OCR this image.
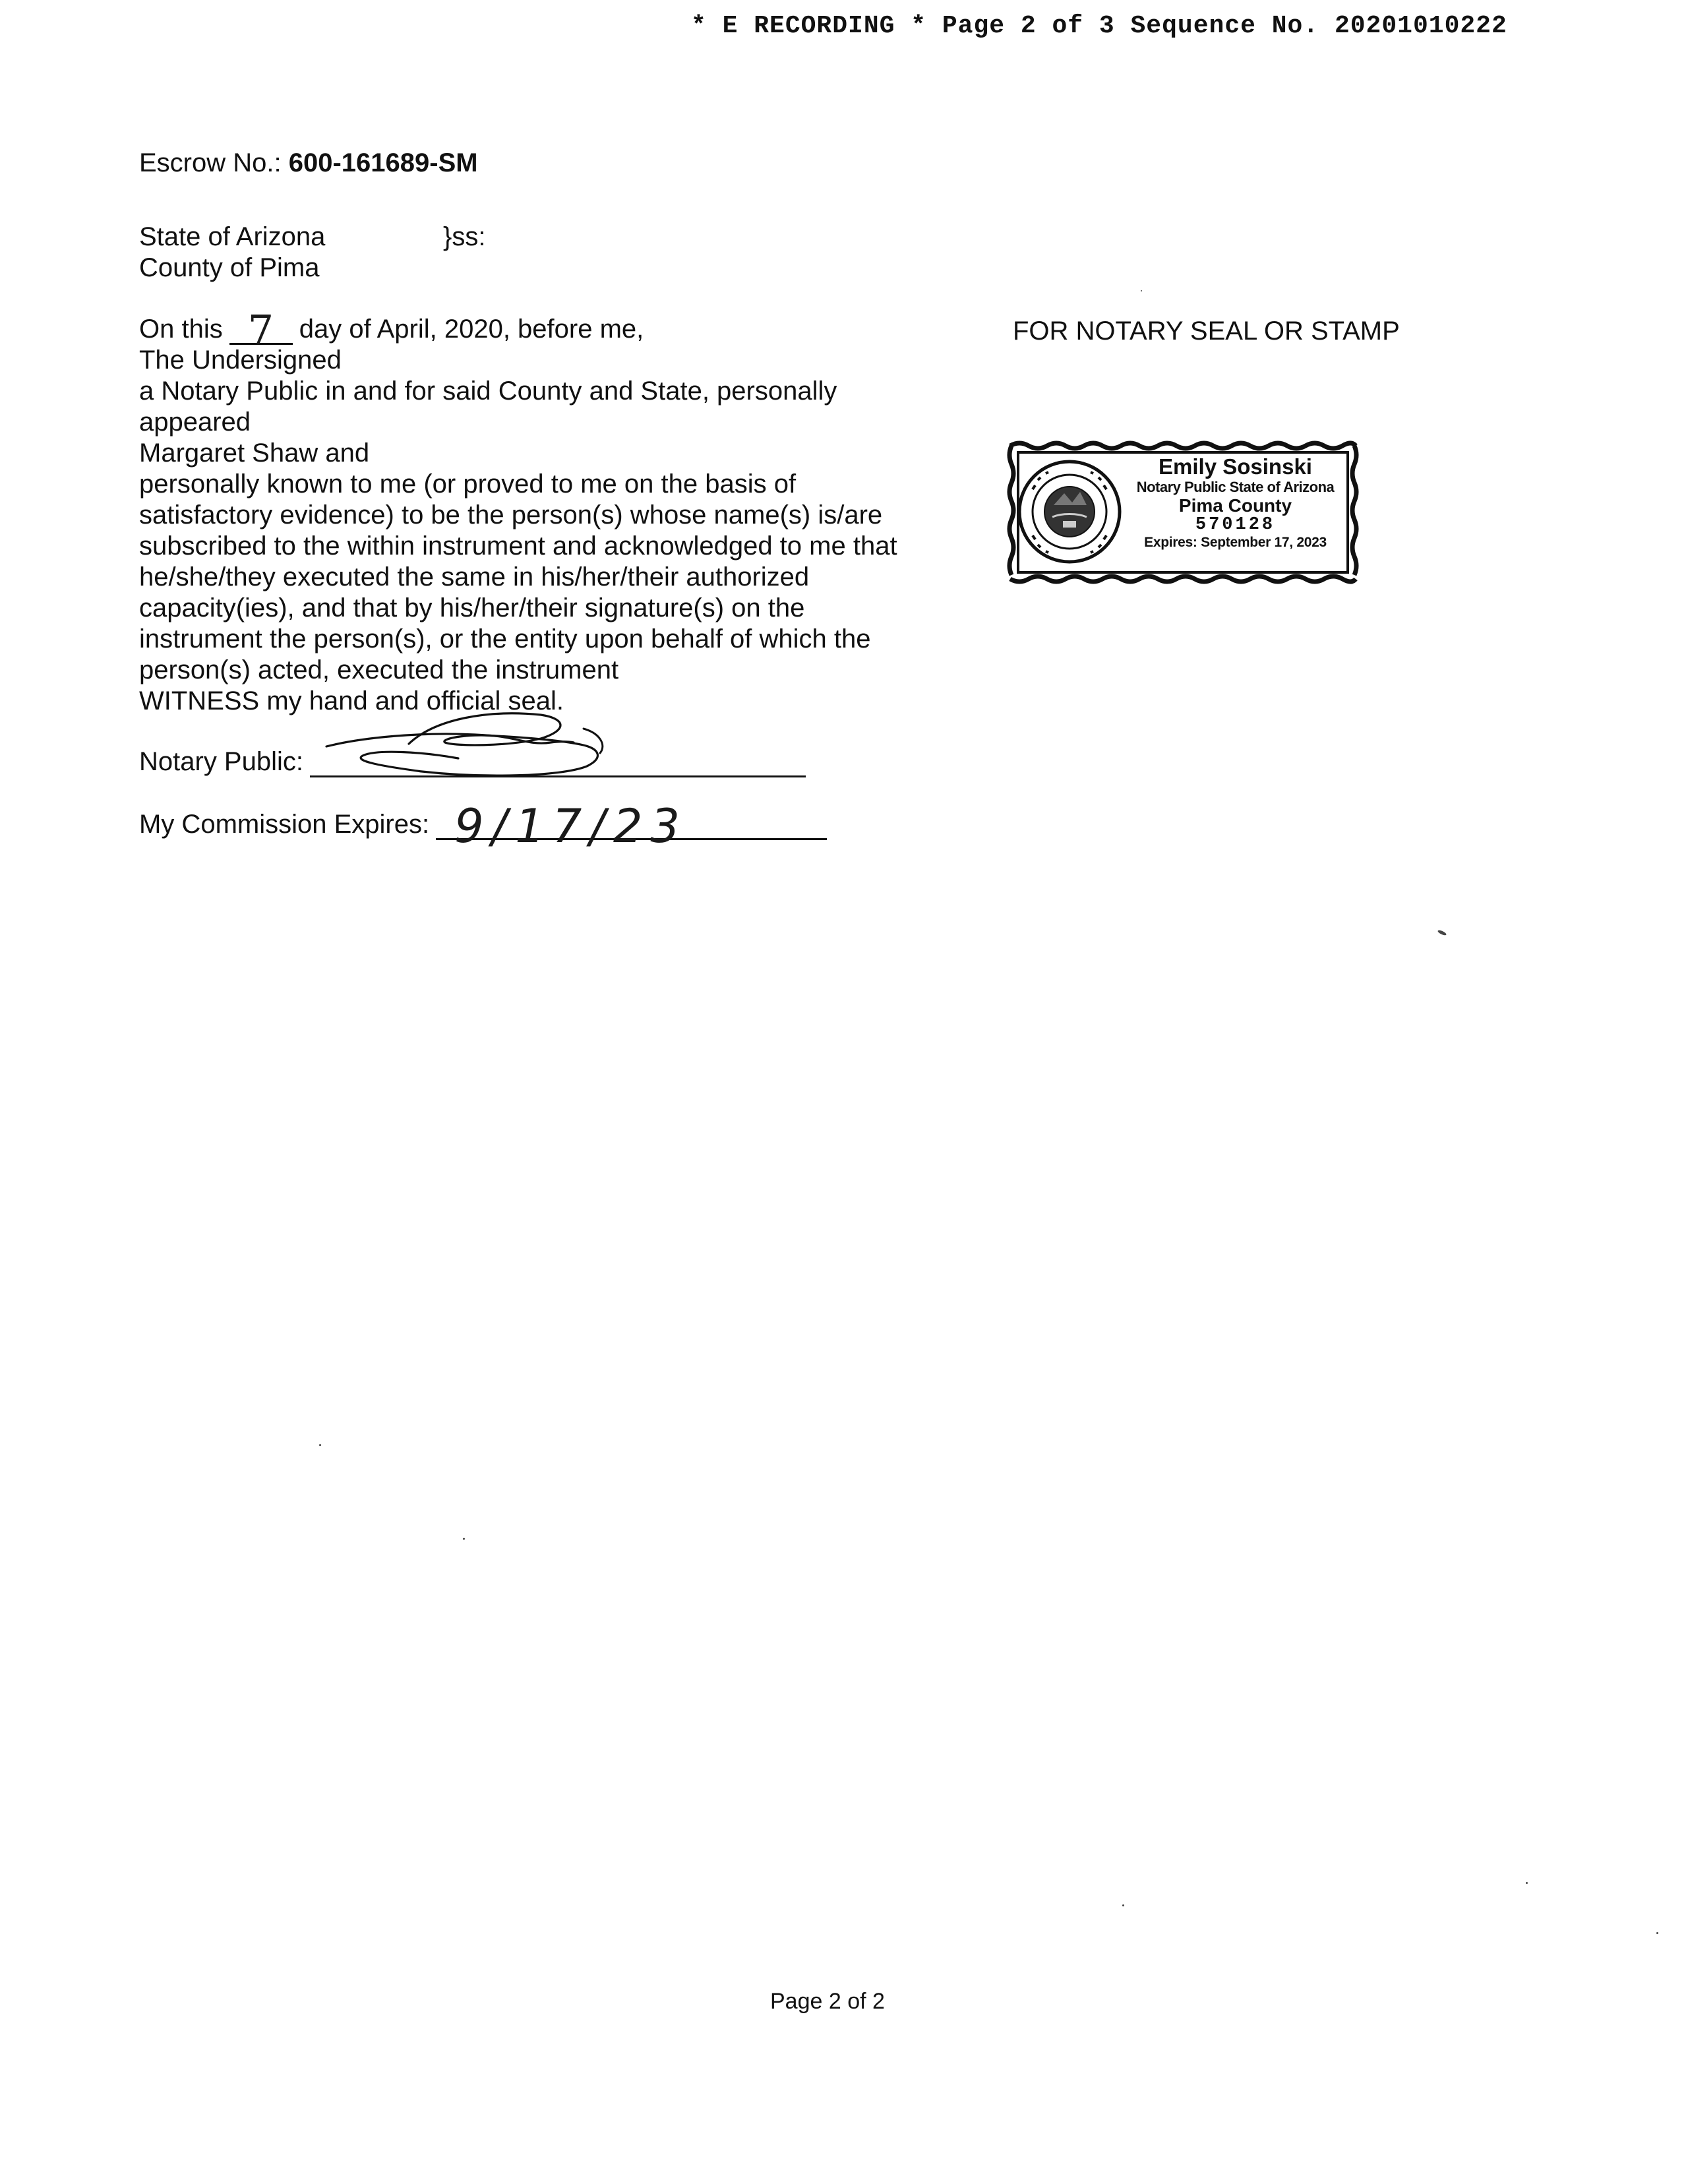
* E RECORDING * Page 2 of 3 Sequence No. 20201010222
Escrow No.: 600-161689-SM
State of Arizona	}ss:
County of Pima
On this 7 day of April, 2020, before me,
The Undersigned
a Notary Public in and for said County and State, personally
appeared
Margaret Shaw and
personally known to me (or proved to me on the basis of
satisfactory evidence) to be the person(s) whose name(s) is/are
subscribed to the within instrument and acknowledged to me that
he/she/they executed the same in his/her/their authorized
capacity(ies), and that by his/her/their signature(s) on the
instrument the person(s), or the entity upon behalf of which the
person(s) acted, executed the instrument
WITNESS my hand and official seal.
Notary Public:
My Commission Expires: 9/17/23
FOR NOTARY SEAL OR STAMP
Emily Sosinski
Notary Public State of Arizona
Pima County
570128
Expires: September 17, 2023
Page 2 of 2
